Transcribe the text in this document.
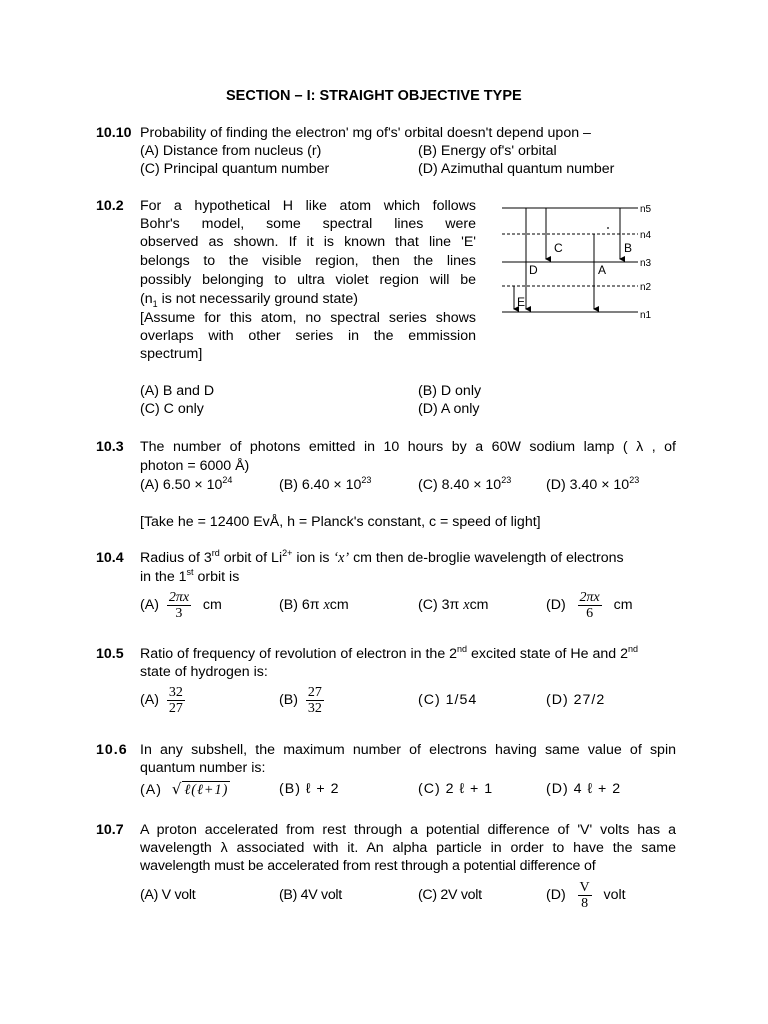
SECTION – I: STRAIGHT OBJECTIVE TYPE
10.10 Probability of finding the electron' mg of's' orbital doesn't depend upon –
(A) Distance from nucleus (r)	(B) Energy of's' orbital
(C) Principal quantum number	(D) Azimuthal quantum number
10.2 For a hypothetical H like atom which follows
Bohr's model, some spectral lines were
observed as shown. If it is known that line 'E'
belongs to the visible region, then the lines
possibly belonging to ultra violet region will be
($n_1$ is not necessarily ground state)
[Assume for this atom, no spectral series shows
overlaps with other series in the emmission
spectrum]
C	B
D	A
E
n5
n4
n3
n2
n1
(A) B and D	(B) D only
(C) C only	(D) A only
10.3 The number of photons emitted in 10 hours by a 60W sodium lamp ( λ , of
photon = 6000 Å)
(A) $6.50 \times 10^{24}$	(B) $6.40 \times 10^{23}$	(C) $8.40 \times 10^{23}$ (D) $3.40 \times 10^{23}$
[Take he = 12400 EvÅ, h = Planck's constant, c = speed of light]
10.4 Radius of 3rd orbit of $Li^{2+}$ ion is ‘x’ cm then de-broglie wavelength of electrons
in the 1st orbit is
$(A) \frac{2\pi x}{3}$ cm	(B) 6π xcm	(C) 3π xcm	$(D) \frac{2\pi x}{6}$ cm
10.5 Ratio of frequency of revolution of electron in the 2nd excited state of He and 2nd
state of hydrogen is:
$(A) \frac{32}{27}$	$(B) \frac{27}{32}$	(C) 1/54	(D) 27/2
10.6 In any subshell, the maximum number of electrons having same value of spin
quantum number is:
(A) √ ℓ(ℓ+1)	(B) ℓ + 2	(C) 2 ℓ + 1	(D) 4 ℓ + 2
10.7 A proton accelerated from rest through a potential difference of 'V' volts has a
wavelength λ associated with it. An alpha particle in order to have the same
wavelength must be accelerated from rest through a potential difference of
(A) V volt	(B) 4V volt	(C) 2V volt	$(D) \frac{V}{8}$ volt
